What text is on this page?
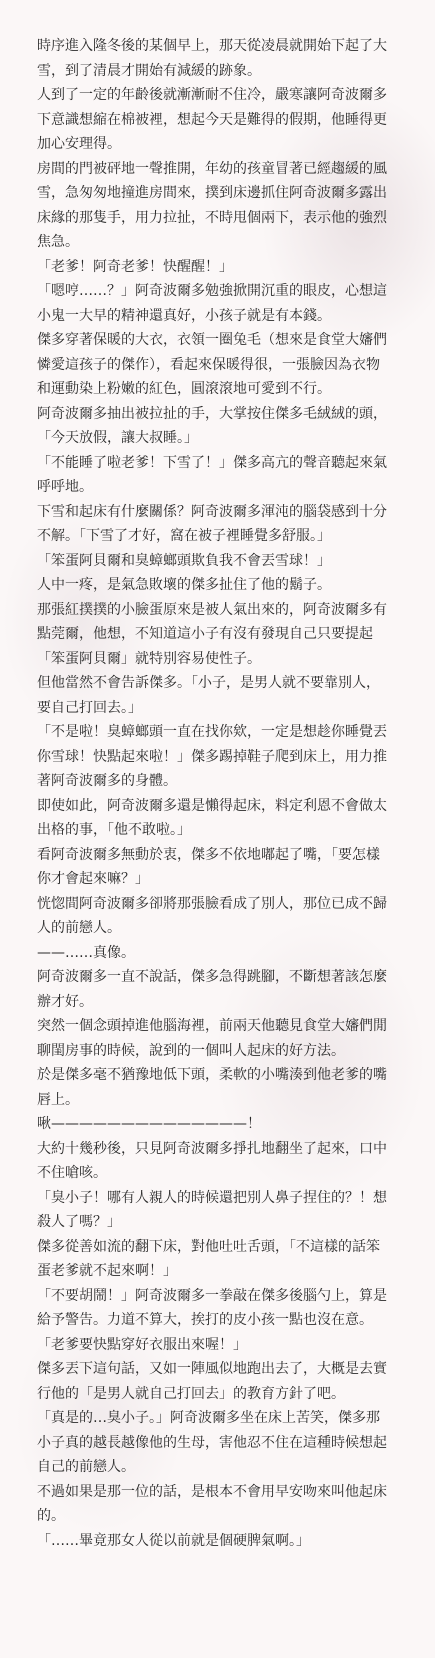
時序進入隆冬後的某個早上，那天從凌晨就開始下起了大雪，到了清晨才開始有減緩的跡象。

人到了一定的年齡後就漸漸耐不住冷，嚴寒讓阿奇波爾多下意識想縮在棉被裡，想起今天是難得的假期，他睡得更加心安理得。

房間的門被砰地一聲推開，年幼的孩童冒著已經趨緩的風雪，急匆匆地撞進房間來，撲到床邊抓住阿奇波爾多露出床緣的那隻手，用力拉扯，不時甩個兩下，表示他的強烈焦急。

「老爹！阿奇老爹！快醒醒！」

「嗯哼……？」阿奇波爾多勉強掀開沉重的眼皮，心想這小鬼一大早的精神還真好，小孩子就是有本錢。

傑多穿著保暖的大衣，衣領一圈兔毛（想來是食堂大嬸們憐愛這孩子的傑作），看起來保暖得很，一張臉因為衣物和運動染上粉嫩的紅色，圓滾滾地可愛到不行。

阿奇波爾多抽出被拉扯的手，大掌按住傑多毛絨絨的頭，「今天放假，讓大叔睡。」

「不能睡了啦老爹！下雪了！」傑多高亢的聲音聽起來氣呼呼地。

下雪和起床有什麼關係？阿奇波爾多渾沌的腦袋感到十分不解。「下雪了才好，窩在被子裡睡覺多舒服。」

「笨蛋阿貝爾和臭蟑螂頭欺負我不會丟雪球！」

人中一疼，是氣急敗壞的傑多扯住了他的鬍子。

那張紅撲撲的小臉蛋原來是被人氣出來的，阿奇波爾多有點莞爾，他想，不知道這小子有沒有發現自己只要提起「笨蛋阿貝爾」就特別容易使性子。

但他當然不會告訴傑多。「小子，是男人就不要靠別人，要自己打回去。」

「不是啦！臭蟑螂頭一直在找你欸，一定是想趁你睡覺丟你雪球！快點起來啦！」傑多踢掉鞋子爬到床上，用力推著阿奇波爾多的身體。

即使如此，阿奇波爾多還是懶得起床，料定利恩不會做太出格的事，「他不敢啦。」

看阿奇波爾多無動於衷，傑多不依地嘟起了嘴，「要怎樣你才會起來嘛？」

恍惚間阿奇波爾多卻將那張臉看成了別人，那位已成不歸人的前戀人。

——……真像。

阿奇波爾多一直不說話，傑多急得跳腳，不斷想著該怎麼辦才好。

突然一個念頭掉進他腦海裡，前兩天他聽見食堂大嬸們閒聊閨房事的時候，說到的一個叫人起床的好方法。

於是傑多毫不猶豫地低下頭，柔軟的小嘴湊到他老爹的嘴唇上。

啾——————————————！

大約十幾秒後，只見阿奇波爾多掙扎地翻坐了起來，口中不住嗆咳。

「臭小子！哪有人親人的時候還把別人鼻子捏住的？！想殺人了嗎？」

傑多從善如流的翻下床，對他吐吐舌頭，「不這樣的話笨蛋老爹就不起來啊！」

「不要胡鬧！」阿奇波爾多一拳敲在傑多後腦勺上，算是給予警告。力道不算大，挨打的皮小孩一點也沒在意。

「老爹要快點穿好衣服出來喔！」

傑多丟下這句話，又如一陣風似地跑出去了，大概是去實行他的「是男人就自己打回去」的教育方針了吧。

「真是的…臭小子。」阿奇波爾多坐在床上苦笑，傑多那小子真的越長越像他的生母，害他忍不住在這種時候想起自己的前戀人。

不過如果是那一位的話，是根本不會用早安吻來叫他起床的。

「……畢竟那女人從以前就是個硬脾氣啊。」
